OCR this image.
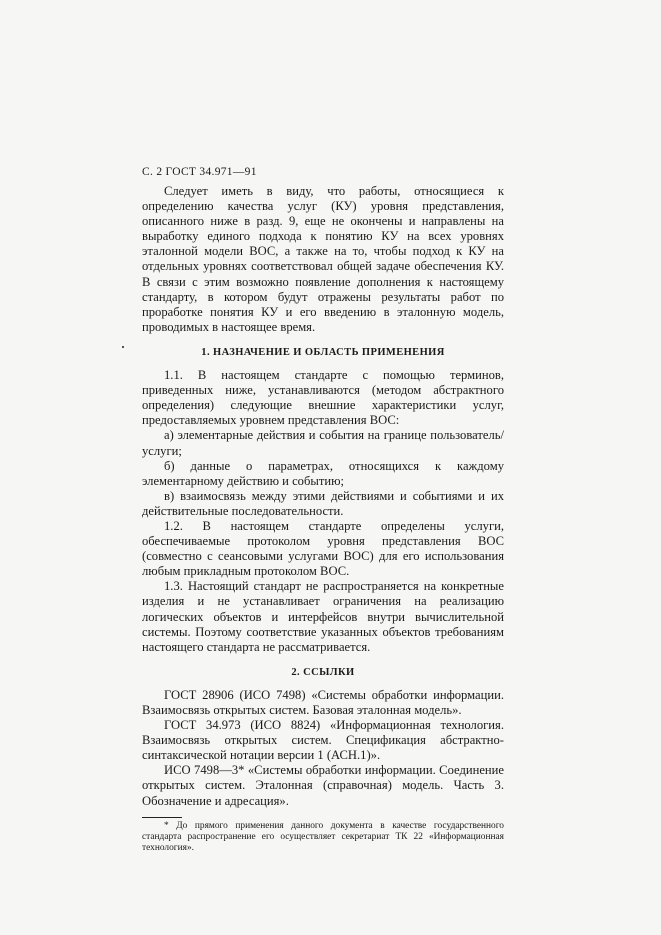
С. 2 ГОСТ 34.971—91

Следует иметь в виду, что работы, относящиеся к определению качества услуг (КУ) уровня представления, описанного ниже в разд. 9, еще не окончены и направлены на выработку единого подхода к понятию КУ на всех уровнях эталонной модели ВОС, а также на то, чтобы подход к КУ на отдельных уровнях соответствовал общей задаче обеспечения КУ. В связи с этим возможно появление дополнения к настоящему стандарту, в котором будут отражены результаты работ по проработке понятия КУ и его введению в эталонную модель, проводимых в настоящее время.

1. НАЗНАЧЕНИЕ И ОБЛАСТЬ ПРИМЕНЕНИЯ

1.1. В настоящем стандарте с помощью терминов, приведенных ниже, устанавливаются (методом абстрактного определения) следующие внешние характеристики услуг, предоставляемых уровнем представления ВОС:

а) элементарные действия и события на границе пользователь/услуги;

б) данные о параметрах, относящихся к каждому элементарному действию и событию;

в) взаимосвязь между этими действиями и событиями и их действительные последовательности.

1.2. В настоящем стандарте определены услуги, обеспечиваемые протоколом уровня представления ВОС (совместно с сеансовыми услугами ВОС) для его использования любым прикладным протоколом ВОС.

1.3. Настоящий стандарт не распространяется на конкретные изделия и не устанавливает ограничения на реализацию логических объектов и интерфейсов внутри вычислительной системы. Поэтому соответствие указанных объектов требованиям настоящего стандарта не рассматривается.

2. ССЫЛКИ

ГОСТ 28906 (ИСО 7498) «Системы обработки информации. Взаимосвязь открытых систем. Базовая эталонная модель».

ГОСТ 34.973 (ИСО 8824) «Информационная технология. Взаимосвязь открытых систем. Спецификация абстрактно-синтаксической нотации версии 1 (АСН.1)».

ИСО 7498—3* «Системы обработки информации. Соединение открытых систем. Эталонная (справочная) модель. Часть 3. Обозначение и адресация».

* До прямого применения данного документа в качестве государственного стандарта распространение его осуществляет секретариат ТК 22 «Информационная технология».
